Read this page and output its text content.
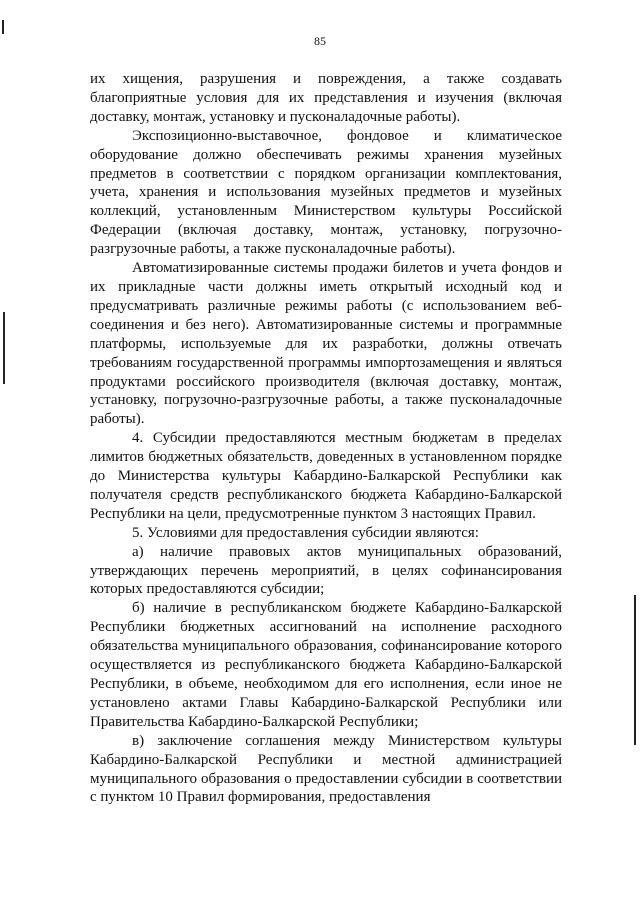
85

их хищения, разрушения и повреждения, а также создавать благоприятные условия для их представления и изучения (включая доставку, монтаж, установку и пусконаладочные работы).

Экспозиционно-выставочное, фондовое и климатическое оборудование должно обеспечивать режимы хранения музейных предметов в соответствии с порядком организации комплектования, учета, хранения и использования музейных предметов и музейных коллекций, установленным Министерством культуры Российской Федерации (включая доставку, монтаж, установку, погрузочно-разгрузочные работы, а также пусконаладочные работы).

Автоматизированные системы продажи билетов и учета фондов и их прикладные части должны иметь открытый исходный код и предусматривать различные режимы работы (с использованием веб-соединения и без него). Автоматизированные системы и программные платформы, используемые для их разработки, должны отвечать требованиям государственной программы импортозамещения и являться продуктами российского производителя (включая доставку, монтаж, установку, погрузочно-разгрузочные работы, а также пусконаладочные работы).

4. Субсидии предоставляются местным бюджетам в пределах лимитов бюджетных обязательств, доведенных в установленном порядке до Министерства культуры Кабардино-Балкарской Республики как получателя средств республиканского бюджета Кабардино-Балкарской Республики на цели, предусмотренные пунктом 3 настоящих Правил.

5. Условиями для предоставления субсидии являются:

а) наличие правовых актов муниципальных образований, утверждающих перечень мероприятий, в целях софинансирования которых предоставляются субсидии;

б) наличие в республиканском бюджете Кабардино-Балкарской Республики бюджетных ассигнований на исполнение расходного обязательства муниципального образования, софинансирование которого осуществляется из республиканского бюджета Кабардино-Балкарской Республики, в объеме, необходимом для его исполнения, если иное не установлено актами Главы Кабардино-Балкарской Республики или Правительства Кабардино-Балкарской Республики;

в) заключение соглашения между Министерством культуры Кабардино-Балкарской Республики и местной администрацией муниципального образования о предоставлении субсидии в соответствии с пунктом 10 Правил формирования, предоставления
